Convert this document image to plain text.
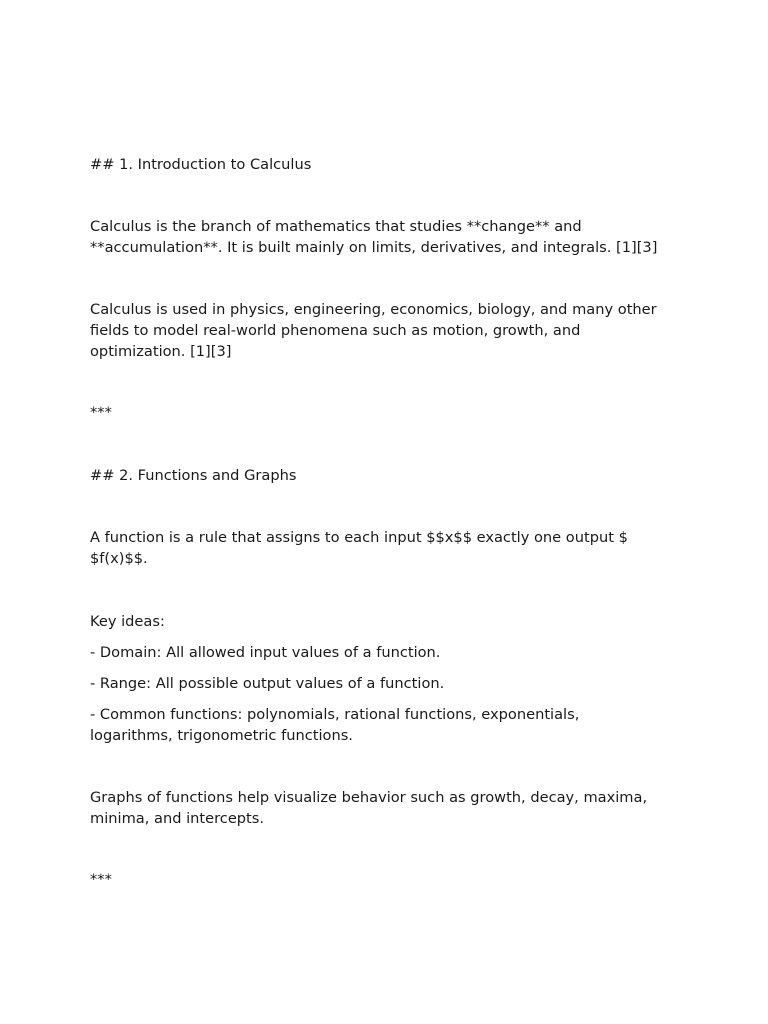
## 1. Introduction to Calculus

Calculus is the branch of mathematics that studies **change** and
**accumulation**. It is built mainly on limits, derivatives, and integrals. [1][3]

Calculus is used in physics, engineering, economics, biology, and many other
fields to model real-world phenomena such as motion, growth, and
optimization. [1][3]

***

## 2. Functions and Graphs

A function is a rule that assigns to each input $$x$$ exactly one output $
$f(x)$$.

Key ideas:

- Domain: All allowed input values of a function.

- Range: All possible output values of a function.

- Common functions: polynomials, rational functions, exponentials,
logarithms, trigonometric functions.

Graphs of functions help visualize behavior such as growth, decay, maxima,
minima, and intercepts.

***
